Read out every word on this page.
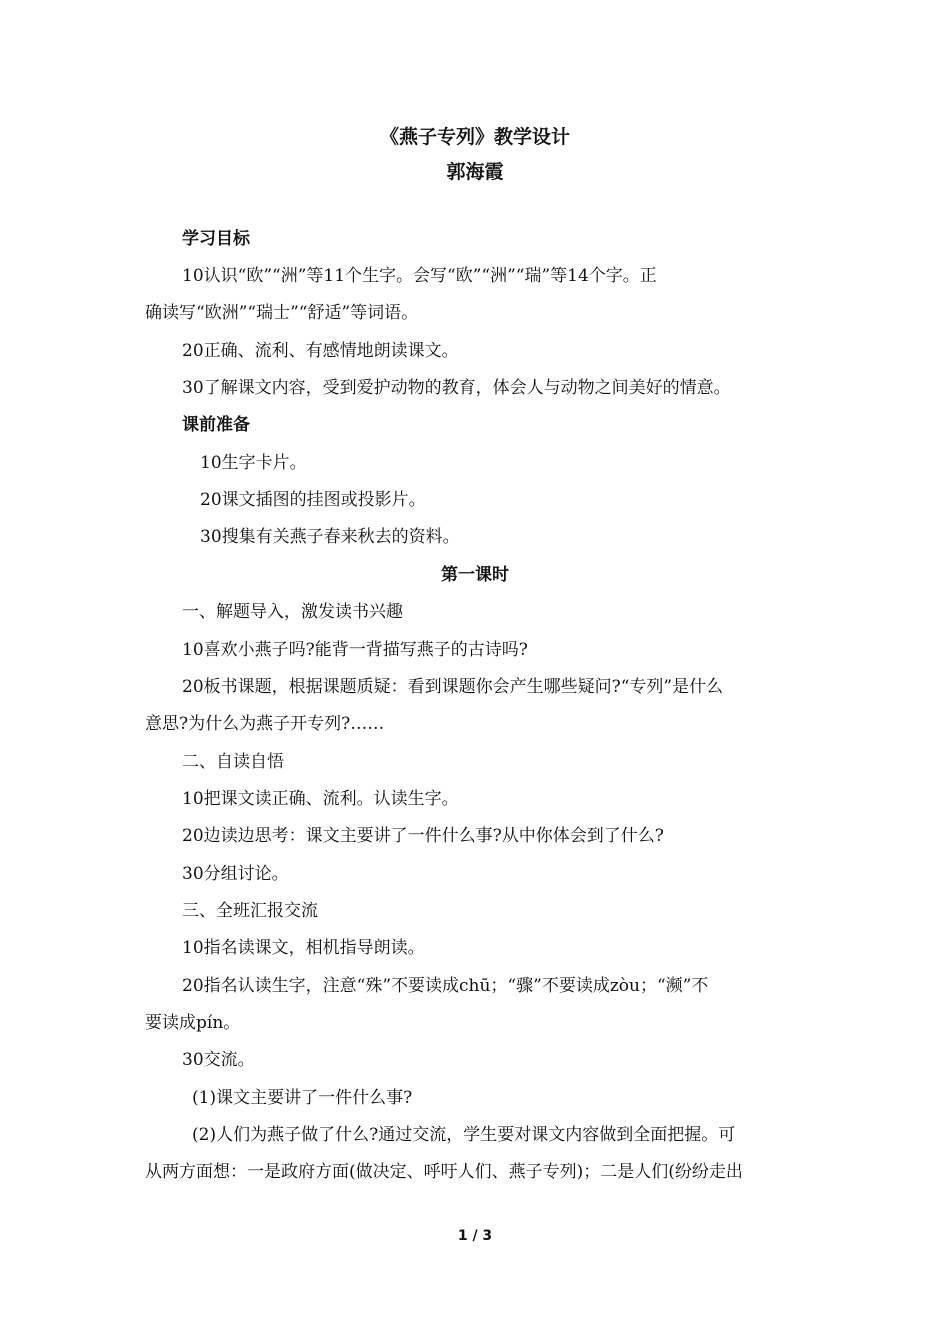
《燕子专列》教学设计
郭海霞
学习目标
10认识“欧”“洲”等11个生字。会写“欧”“洲”“瑞”等14个字。正
确读写“欧洲”“瑞士”“舒适”等词语。
20正确、流利、有感情地朗读课文。
30了解课文内容，受到爱护动物的教育，体会人与动物之间美好的情意。
课前准备
10生字卡片。
20课文插图的挂图或投影片。
30搜集有关燕子春来秋去的资料。
第一课时
一、解题导入，激发读书兴趣
10喜欢小燕子吗?能背一背描写燕子的古诗吗?
20板书课题，根据课题质疑：看到课题你会产生哪些疑问?“专列”是什么
意思?为什么为燕子开专列?……
二、自读自悟
10把课文读正确、流利。认读生字。
20边读边思考：课文主要讲了一件什么事?从中你体会到了什么?
30分组讨论。
三、全班汇报交流
10指名读课文，相机指导朗读。
20指名认读生字，注意“殊”不要读成chū；“骤”不要读成zòu；“濒”不
要读成pín。
30交流。
(1)课文主要讲了一件什么事?
(2)人们为燕子做了什么?通过交流，学生要对课文内容做到全面把握。可
从两方面想：一是政府方面(做决定、呼吁人们、燕子专列)；二是人们(纷纷走出
1 / 3
